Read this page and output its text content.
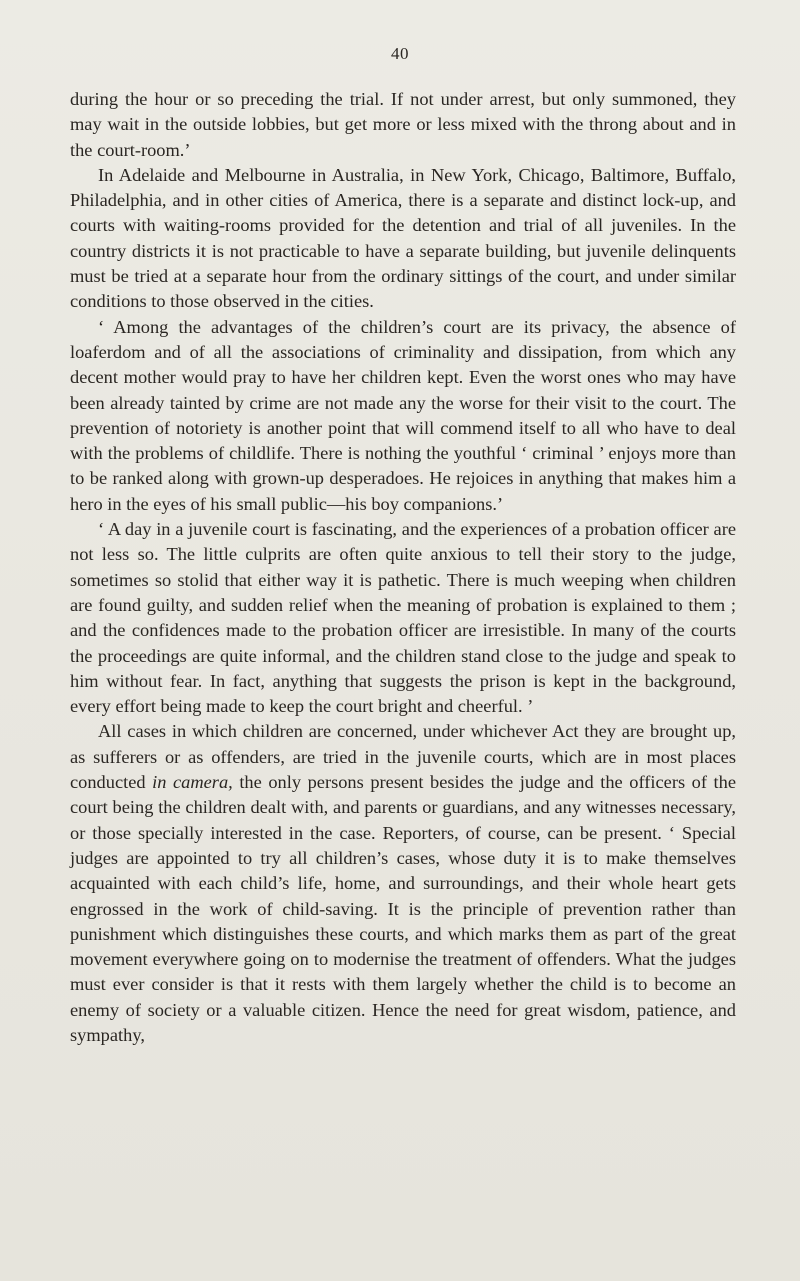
40

during the hour or so preceding the trial. If not under arrest, but only summoned, they may wait in the outside lobbies, but get more or less mixed with the throng about and in the court-room.’

In Adelaide and Melbourne in Australia, in New York, Chicago, Baltimore, Buffalo, Philadelphia, and in other cities of America, there is a separate and distinct lock-up, and courts with waiting-rooms provided for the detention and trial of all juveniles. In the country districts it is not practicable to have a separate building, but juvenile delinquents must be tried at a separate hour from the ordinary sittings of the court, and under similar conditions to those observed in the cities.

‘ Among the advantages of the children’s court are its privacy, the absence of loaferdom and of all the associations of criminality and dissipation, from which any decent mother would pray to have her children kept. Even the worst ones who may have been already tainted by crime are not made any the worse for their visit to the court. The prevention of notoriety is another point that will commend itself to all who have to deal with the problems of childlife. There is nothing the youthful ‘ criminal ’ enjoys more than to be ranked along with grown-up desperadoes. He rejoices in anything that makes him a hero in the eyes of his small public—his boy companions.’

‘ A day in a juvenile court is fascinating, and the experiences of a probation officer are not less so. The little culprits are often quite anxious to tell their story to the judge, sometimes so stolid that either way it is pathetic. There is much weeping when children are found guilty, and sudden relief when the meaning of probation is explained to them ; and the confidences made to the probation officer are irresistible. In many of the courts the proceedings are quite informal, and the children stand close to the judge and speak to him without fear. In fact, anything that suggests the prison is kept in the background, every effort being made to keep the court bright and cheerful. ’

All cases in which children are concerned, under whichever Act they are brought up, as sufferers or as offenders, are tried in the juvenile courts, which are in most places conducted in camera, the only persons present besides the judge and the officers of the court being the children dealt with, and parents or guardians, and any witnesses necessary, or those specially interested in the case. Reporters, of course, can be present. ‘ Special judges are appointed to try all children’s cases, whose duty it is to make themselves acquainted with each child’s life, home, and surroundings, and their whole heart gets engrossed in the work of child-saving. It is the principle of prevention rather than punishment which distinguishes these courts, and which marks them as part of the great movement everywhere going on to modernise the treatment of offenders. What the judges must ever consider is that it rests with them largely whether the child is to become an enemy of society or a valuable citizen. Hence the need for great wisdom, patience, and sympathy,
